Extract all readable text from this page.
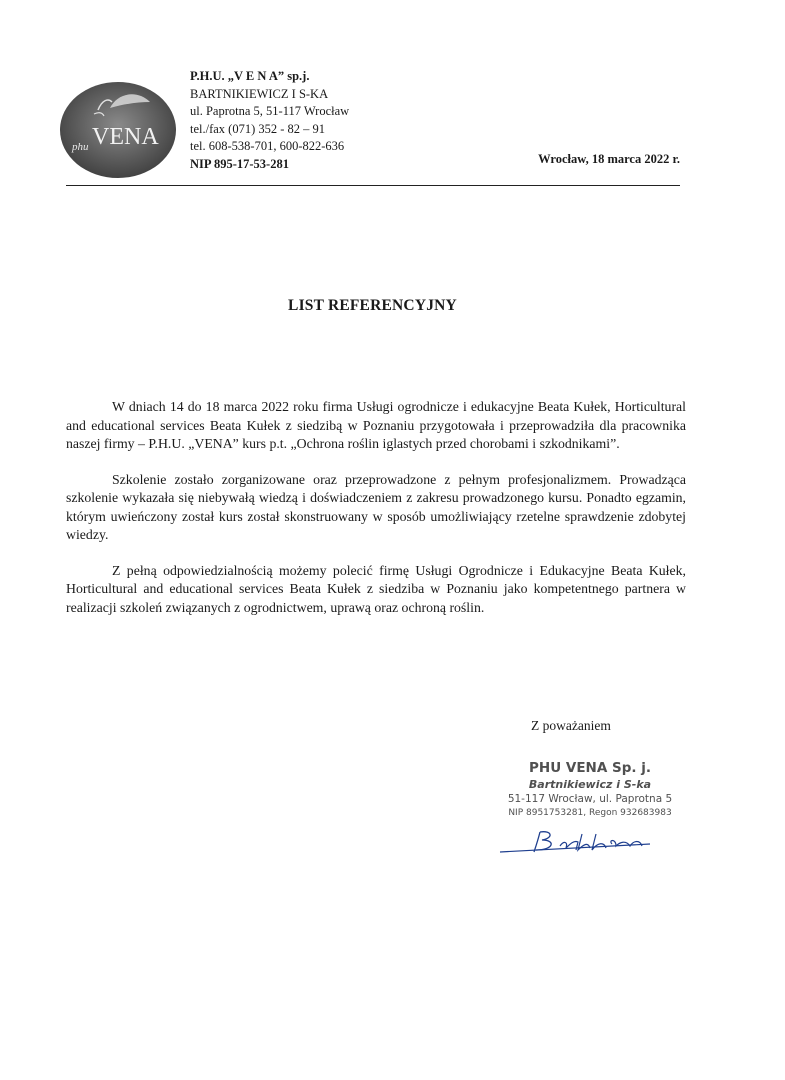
phu VENA
P.H.U. „V E N A” sp.j.
BARTNIKIEWICZ I S-KA
ul. Paprotna 5, 51-117 Wrocław
tel./fax (071) 352 - 82 – 91
tel. 608-538-701, 600-822-636
NIP 895-17-53-281	Wrocław, 18 marca 2022 r.
LIST REFERENCYJNY

W dniach 14 do 18 marca 2022 roku firma Usługi ogrodnicze i edukacyjne Beata Kułek, Horticultural and educational services Beata Kułek z siedzibą w Poznaniu przygotowała i przeprowadziła dla pracownika naszej firmy – P.H.U. „VENA” kurs p.t. „Ochrona roślin iglastych przed chorobami i szkodnikami”.

Szkolenie zostało zorganizowane oraz przeprowadzone z pełnym profesjonalizmem. Prowadząca szkolenie wykazała się niebywałą wiedzą i doświadczeniem z zakresu prowadzonego kursu. Ponadto egzamin, którym uwieńczony został kurs został skonstruowany w sposób umożliwiający rzetelne sprawdzenie zdobytej wiedzy.

Z pełną odpowiedzialnością możemy polecić firmę Usługi Ogrodnicze i Edukacyjne Beata Kułek, Horticultural and educational services Beata Kułek z siedziba w Poznaniu jako kompetentnego partnera w realizacji szkoleń związanych z ogrodnictwem, uprawą oraz ochroną roślin.

Z poważaniem
PHU VENA Sp. j.
Bartnikiewicz i S-ka
51-117 Wrocław, ul. Paprotna 5
NIP 8951753281, Regon 932683983
